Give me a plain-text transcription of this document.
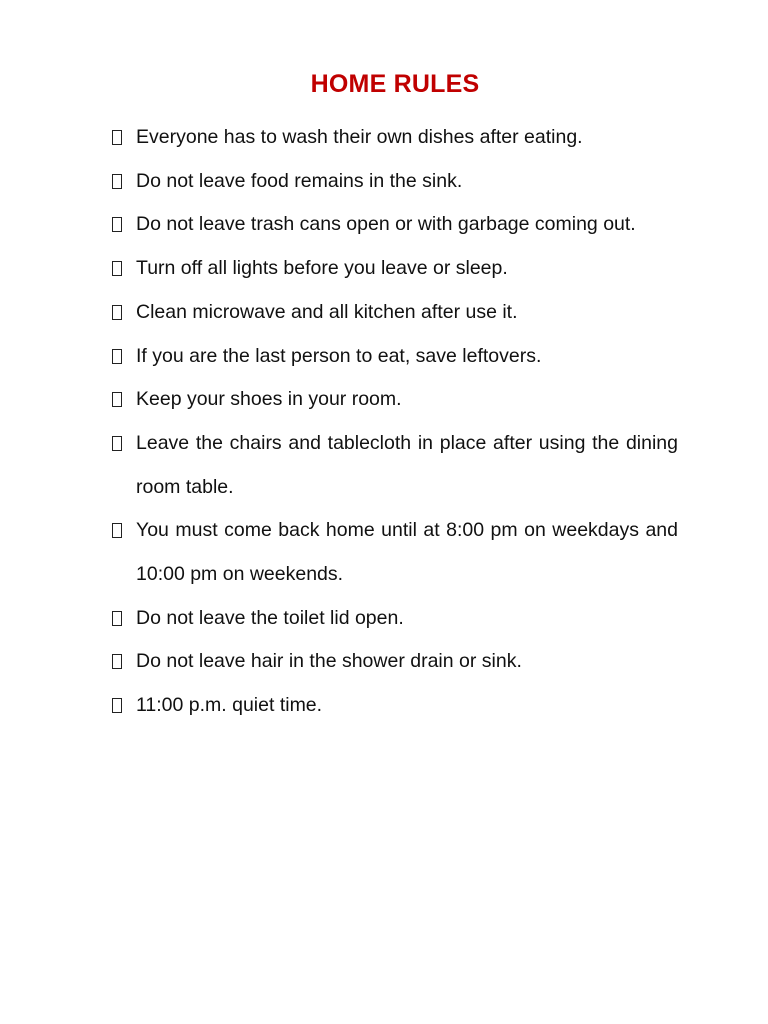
HOME RULES
Everyone has to wash their own dishes after eating.
Do not leave food remains in the sink.
Do not leave trash cans open or with garbage coming out.
Turn off all lights before you leave or sleep.
Clean microwave and all kitchen after use it.
If you are the last person to eat, save leftovers.
Keep your shoes in your room.
Leave the chairs and tablecloth in place after using the dining room table.
You must come back home until at 8:00 pm on weekdays and 10:00 pm on weekends.
Do not leave the toilet lid open.
Do not leave hair in the shower drain or sink.
11:00 p.m. quiet time.
